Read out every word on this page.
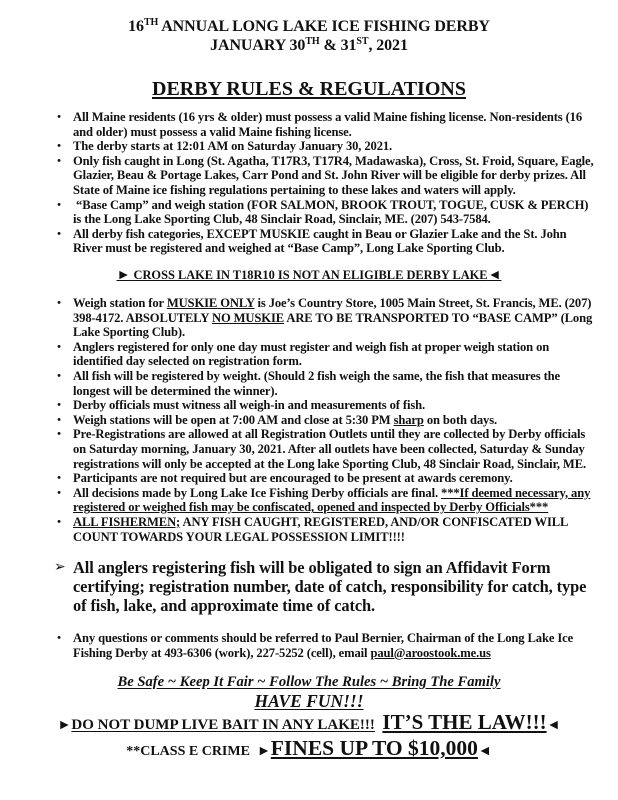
16TH ANNUAL LONG LAKE ICE FISHING DERBY
JANUARY 30TH & 31ST, 2021
DERBY RULES & REGULATIONS
• All Maine residents (16 yrs & older) must possess a valid Maine fishing license. Non-residents (16 and older) must possess a valid Maine fishing license.
• The derby starts at 12:01 AM on Saturday January 30, 2021.
• Only fish caught in Long (St. Agatha, T17R3, T17R4, Madawaska), Cross, St. Froid, Square, Eagle, Glazier, Beau & Portage Lakes, Carr Pond and St. John River will be eligible for derby prizes. All State of Maine ice fishing regulations pertaining to these lakes and waters will apply.
• “Base Camp” and weigh station (FOR SALMON, BROOK TROUT, TOGUE, CUSK & PERCH) is the Long Lake Sporting Club, 48 Sinclair Road, Sinclair, ME. (207) 543-7584.
• All derby fish categories, EXCEPT MUSKIE caught in Beau or Glazier Lake and the St. John River must be registered and weighed at “Base Camp”, Long Lake Sporting Club.
► CROSS LAKE IN T18R10 IS NOT AN ELIGIBLE DERBY LAKE◄
• Weigh station for MUSKIE ONLY is Joe’s Country Store, 1005 Main Street, St. Francis, ME. (207) 398-4172. ABSOLUTELY NO MUSKIE ARE TO BE TRANSPORTED TO “BASE CAMP” (Long Lake Sporting Club).
• Anglers registered for only one day must register and weigh fish at proper weigh station on identified day selected on registration form.
• All fish will be registered by weight. (Should 2 fish weigh the same, the fish that measures the longest will be determined the winner).
• Derby officials must witness all weigh-in and measurements of fish.
• Weigh stations will be open at 7:00 AM and close at 5:30 PM sharp on both days.
• Pre-Registrations are allowed at all Registration Outlets until they are collected by Derby officials on Saturday morning, January 30, 2021. After all outlets have been collected, Saturday & Sunday registrations will only be accepted at the Long lake Sporting Club, 48 Sinclair Road, Sinclair, ME.
• Participants are not required but are encouraged to be present at awards ceremony.
• All decisions made by Long Lake Ice Fishing Derby officials are final. ***If deemed necessary, any registered or weighed fish may be confiscated, opened and inspected by Derby Officials***
• ALL FISHERMEN; ANY FISH CAUGHT, REGISTERED, AND/OR CONFISCATED WILL COUNT TOWARDS YOUR LEGAL POSSESSION LIMIT!!!!
➢ All anglers registering fish will be obligated to sign an Affidavit Form certifying; registration number, date of catch, responsibility for catch, type of fish, lake, and approximate time of catch.
• Any questions or comments should be referred to Paul Bernier, Chairman of the Long Lake Ice Fishing Derby at 493-6306 (work), 227-5252 (cell), email paul@aroostook.me.us
Be Safe ~ Keep It Fair ~ Follow The Rules ~ Bring The Family
HAVE FUN!!!
►DO NOT DUMP LIVE BAIT IN ANY LAKE!!! IT’S THE LAW!!!◄
**CLASS E CRIME ►FINES UP TO $10,000◄
